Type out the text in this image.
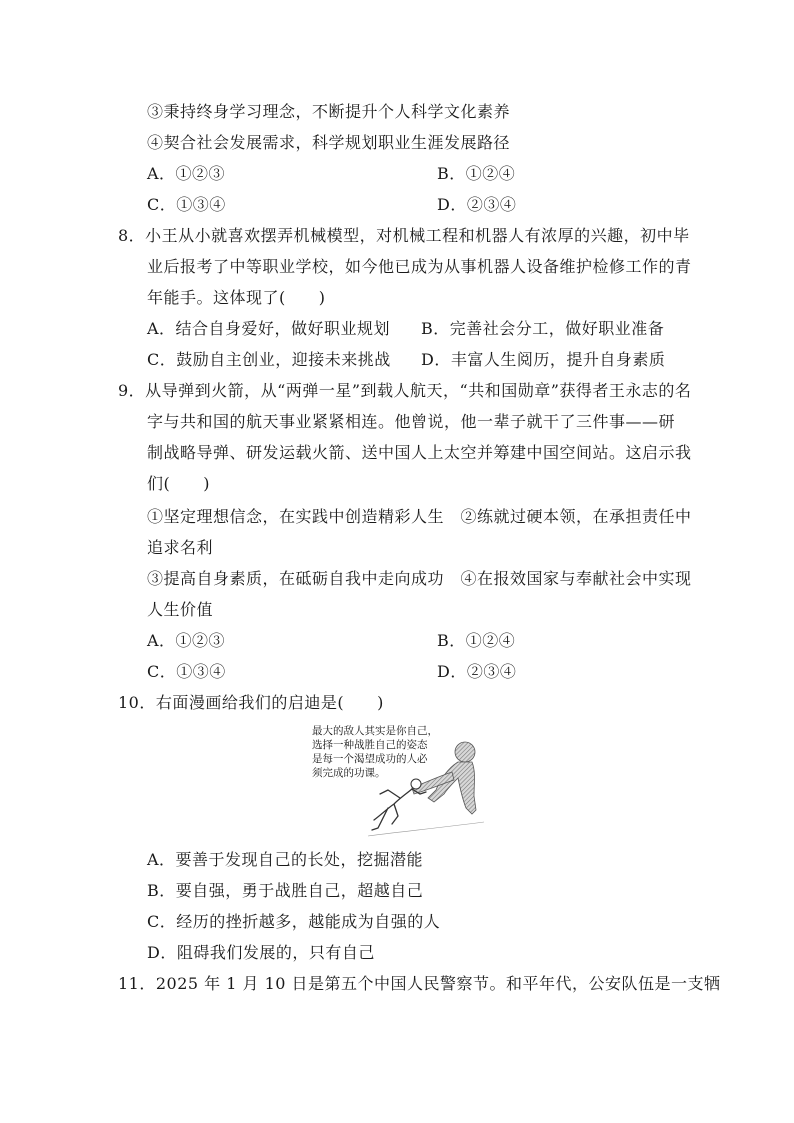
③秉持终身学习理念，不断提升个人科学文化素养
④契合社会发展需求，科学规划职业生涯发展路径
A．①②③	B．①②④
C．①③④	D．②③④
8．小王从小就喜欢摆弄机械模型，对机械工程和机器人有浓厚的兴趣，初中毕
业后报考了中等职业学校，如今他已成为从事机器人设备维护检修工作的青
年能手。这体现了(　　)
A．结合自身爱好，做好职业规划 B．完善社会分工，做好职业准备
C．鼓励自主创业，迎接未来挑战 D．丰富人生阅历，提升自身素质
9．从导弹到火箭，从“两弹一星”到载人航天，“共和国勋章”获得者王永志的名
字与共和国的航天事业紧紧相连。他曾说，他一辈子就干了三件事——研
制战略导弹、研发运载火箭、送中国人上太空并筹建中国空间站。这启示我
们(　　)
①坚定理想信念，在实践中创造精彩人生　②练就过硬本领，在承担责任中
追求名利
③提高自身素质，在砥砺自我中走向成功　④在报效国家与奉献社会中实现
人生价值
A．①②③	B．①②④
C．①③④	D．②③④
10．右面漫画给我们的启迪是(　　)
最大的敌人其实是你自己，
选择一种战胜自己的姿态
是每一个渴望成功的人必
须完成的功课。
A．要善于发现自己的长处，挖掘潜能
B．要自强，勇于战胜自己，超越自己
C．经历的挫折越多，越能成为自强的人
D．阻碍我们发展的，只有自己
11．2025 年 1 月 10 日是第五个中国人民警察节。和平年代，公安队伍是一支牺
